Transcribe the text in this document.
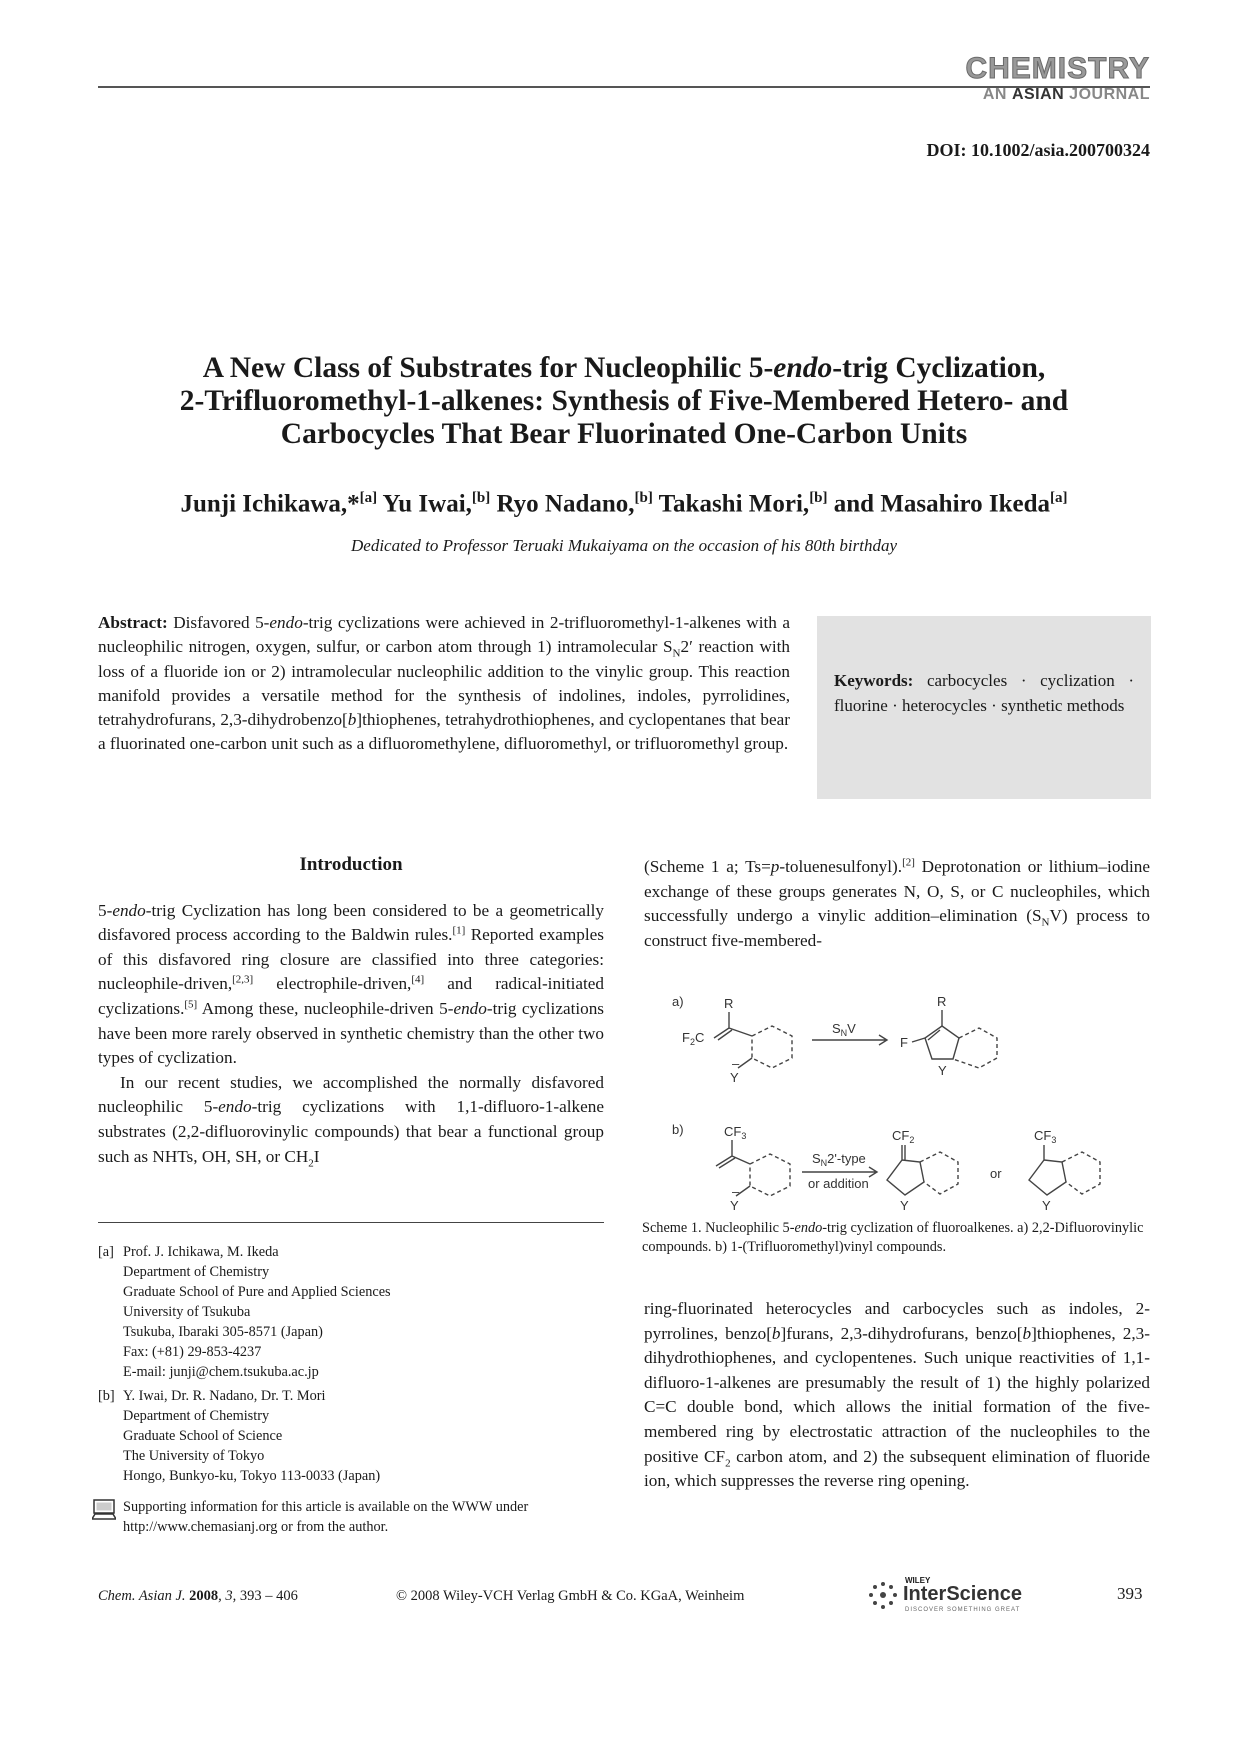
CHEMISTRY
AN ASIAN JOURNAL
DOI: 10.1002/asia.200700324
A New Class of Substrates for Nucleophilic 5-endo-trig Cyclization,
2-Trifluoromethyl-1-alkenes: Synthesis of Five-Membered Hetero- and
Carbocycles That Bear Fluorinated One-Carbon Units
Junji Ichikawa,*[a] Yu Iwai,[b] Ryo Nadano,[b] Takashi Mori,[b] and Masahiro Ikeda[a]
Dedicated to Professor Teruaki Mukaiyama on the occasion of his 80th birthday
Abstract: Disfavored 5-endo-trig cyclizations were achieved in 2-trifluoromethyl-1-alkenes with a nucleophilic nitrogen, oxygen, sulfur, or carbon atom through 1) intramolecular $S_N2'$ reaction with loss of a fluoride ion or 2) intramolecular nucleophilic addition to the vinylic group. This reaction manifold provides a versatile method for the synthesis of indolines, indoles, pyrrolidines, tetrahydrofurans, 2,3-dihydrobenzo[b]thiophenes, tetrahydrothiophenes, and cyclopentanes that bear a fluorinated one-carbon unit such as a difluoromethylene, difluoromethyl, or trifluoromethyl group.
Keywords: carbocycles · cyclization · fluorine · heterocycles · synthetic methods
Introduction

5-endo-trig Cyclization has long been considered to be a geometrically disfavored process according to the Baldwin rules.[1] Reported examples of this disfavored ring closure are classified into three categories: nucleophile-driven,[2,3] electrophile-driven,[4] and radical-initiated cyclizations.[5] Among these, nucleophile-driven 5-endo-trig cyclizations have been more rarely observed in synthetic chemistry than the other two types of cyclization.

In our recent studies, we accomplished the normally disfavored nucleophilic 5-endo-trig cyclizations with 1,1-difluoro-1-alkene substrates (2,2-difluorovinylic compounds) that bear a functional group such as NHTs, OH, SH, or $CH_2I$

[a] Prof. J. Ichikawa, M. Ikeda
Department of Chemistry
Graduate School of Pure and Applied Sciences
University of Tsukuba
Tsukuba, Ibaraki 305-8571 (Japan)
Fax: (+81) 29-853-4237
E-mail: junji@chem.tsukuba.ac.jp
[b] Y. Iwai, Dr. R. Nadano, Dr. T. Mori
Department of Chemistry
Graduate School of Science
The University of Tokyo
Hongo, Bunkyo-ku, Tokyo 113-0033 (Japan)
Supporting information for this article is available on the WWW under http://www.chemasianj.org or from the author.

(Scheme 1 a; Ts=p-toluenesulfonyl).[2] Deprotonation or lithium–iodine exchange of these groups generates N, O, S, or C nucleophiles, which successfully undergo a vinylic addition–elimination $(S_NV)$ process to construct five-membered-

a)	R
$F_2C$
Y
–
$S_NV$
R
F
Y
b)	$CF_3$
Y
–
$S_N2'$-type
or addition
$CF_2$
Y
or
$CF_3$
Y
Scheme 1. Nucleophilic 5-endo-trig cyclization of fluoroalkenes. a) 2,2-Difluorovinylic compounds. b) 1-(Trifluoromethyl)vinyl compounds.

ring-fluorinated heterocycles and carbocycles such as indoles, 2-pyrrolines, benzo[b]furans, 2,3-dihydrofurans, benzo[b]thiophenes, 2,3-dihydrothiophenes, and cyclopentenes. Such unique reactivities of 1,1-difluoro-1-alkenes are presumably the result of 1) the highly polarized C=C double bond, which allows the initial formation of the five-membered ring by electrostatic attraction of the nucleophiles to the positive $CF_2$ carbon atom, and 2) the subsequent elimination of fluoride ion, which suppresses the reverse ring opening.

Chem. Asian J. 2008, 3, 393 – 406	© 2008 Wiley-VCH Verlag GmbH & Co. KGaA, Weinheim
WILEY
InterScience
DISCOVER SOMETHING GREAT
393
